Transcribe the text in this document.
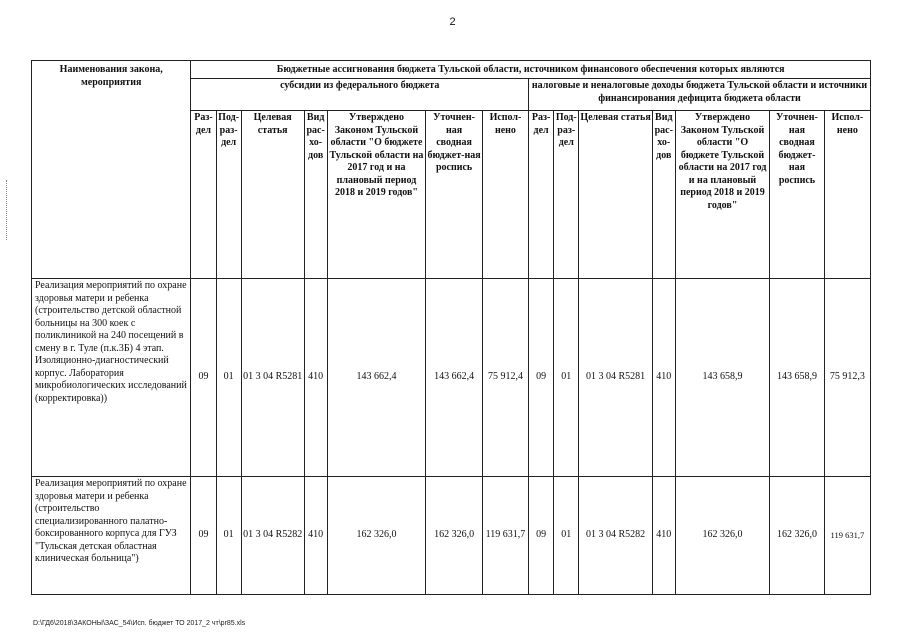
2
Наименования закона, мероприятия	Бюджетные ассигнования бюджета Тульской области, источником финансового обеспечения которых являются													
	субсидии из федерального бюджета							налоговые и неналоговые доходы бюджета Тульской области и источники финансирования дефицита бюджета области						
	Раз-дел	Под-раз-дел	Целевая статья	Вид рас-хо-дов	Утверждено Законом Тульской области "О бюджете Тульской области на 2017 год и на плановый период 2018 и 2019 годов"	Уточнен-ная сводная бюджет-ная роспись	Испол-нено	Раз-дел	Под-раз-дел	Целевая статья	Вид рас-хо-дов	Утверждено Законом Тульской области "О бюджете Тульской области на 2017 год и на плановый период 2018 и 2019 годов"	Уточнен-ная сводная бюджет-ная роспись	Испол-нено
Реализация мероприятий по охране здоровья матери и ребенка (строительство детской областной больницы на 300 коек с поликлиникой на 240 посещений в смену в г. Туле (п.к.3Б) 4 этап. Изоляционно-диагностический корпус. Лаборатория микробиологических исследований (корректировка))	09	01	01 3 04 R5281	410	143 662,4	143 662,4	75 912,4	09	01	01 3 04 R5281	410	143 658,9	143 658,9	75 912,3
Реализация мероприятий по охране здоровья матери и ребенка (строительство специализированного палатно-боксированного корпуса для ГУЗ "Тульская детская областная клиническая больница")	09	01	01 3 04 R5282	410	162 326,0	162 326,0	119 631,7	09	01	01 3 04 R5282	410	162 326,0	162 326,0	119 631,7
D:\ГД6\2018\ЗАКОНЫ\ЗАС_54\Исп. бюджет ТО 2017_2 чт\pr85.xls
